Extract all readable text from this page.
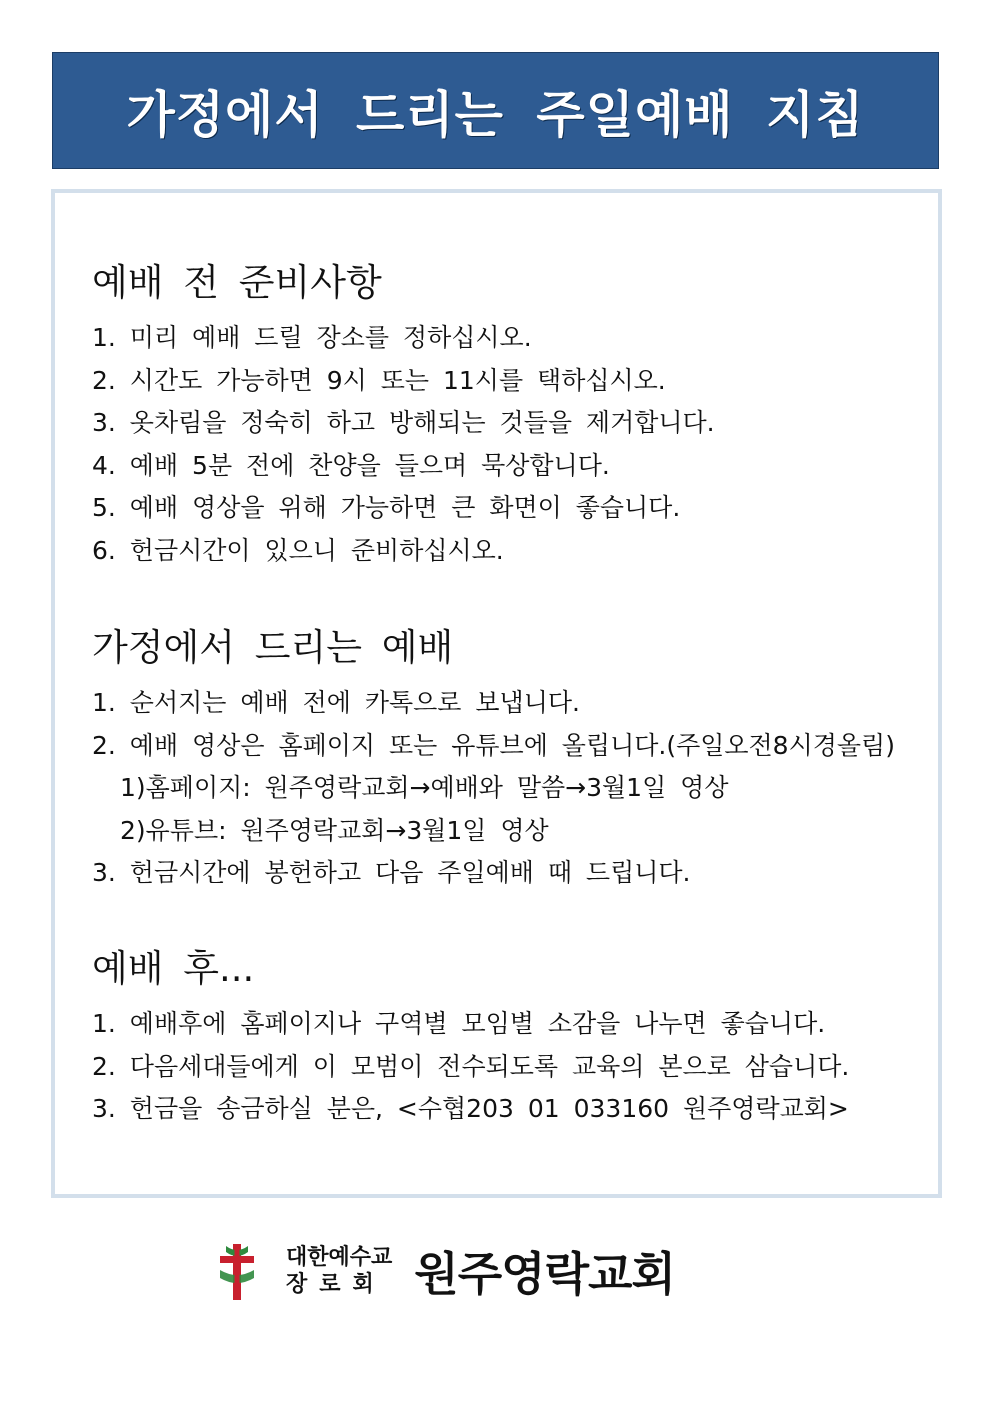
가정에서 드리는 주일예배 지침
예배 전 준비사항
1. 미리 예배 드릴 장소를 정하십시오.
2. 시간도 가능하면 9시 또는 11시를 택하십시오.
3. 옷차림을 정숙히 하고 방해되는 것들을 제거합니다.
4. 예배 5분 전에 찬양을 들으며 묵상합니다.
5. 예배 영상을 위해 가능하면 큰 화면이 좋습니다.
6. 헌금시간이 있으니 준비하십시오.
가정에서 드리는 예배
1. 순서지는 예배 전에 카톡으로 보냅니다.
2. 예배 영상은 홈페이지 또는 유튜브에 올립니다.(주일오전8시경올림)
1)홈페이지: 원주영락교회→예배와 말씀→3월1일 영상
2)유튜브: 원주영락교회→3월1일 영상
3. 헌금시간에 봉헌하고 다음 주일예배 때 드립니다.
예배 후...
1. 예배후에 홈페이지나 구역별 모임별 소감을 나누면 좋습니다.
2. 다음세대들에게 이 모범이 전수되도록 교육의 본으로 삼습니다.
3. 헌금을 송금하실 분은, <수협203 01 033160 원주영락교회>
대한예수교
장로회 원주영락교회
